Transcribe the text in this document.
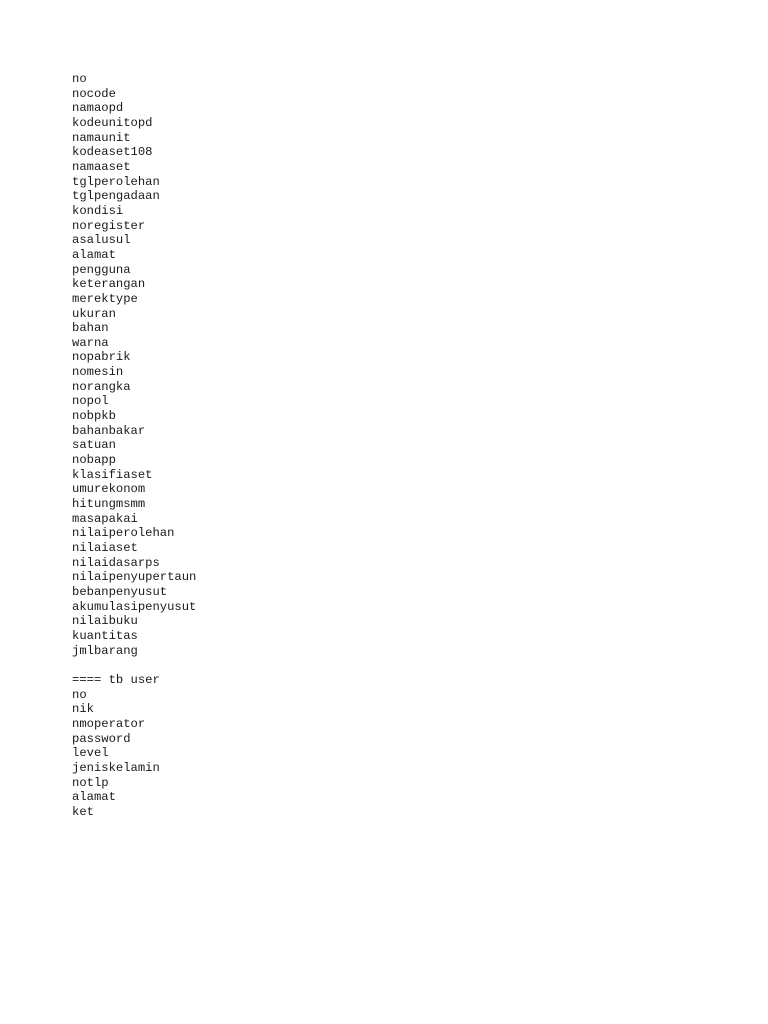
no
nocode
namaopd
kodeunitopd
namaunit
kodeaset108
namaaset
tglperolehan
tglpengadaan
kondisi
noregister
asalusul
alamat
pengguna
keterangan
merektype
ukuran
bahan
warna
nopabrik
nomesin
norangka
nopol
nobpkb
bahanbakar
satuan
nobapp
klasifiaset
umurekonom
hitungmsmm
masapakai
nilaiperolehan
nilaiaset
nilaidasarps
nilaipenyupertaun
bebanpenyusut
akumulasipenyusut
nilaibuku
kuantitas
jmlbarang
==== tb user
no
nik
nmoperator
password
level
jeniskelamin
notlp
alamat
ket
